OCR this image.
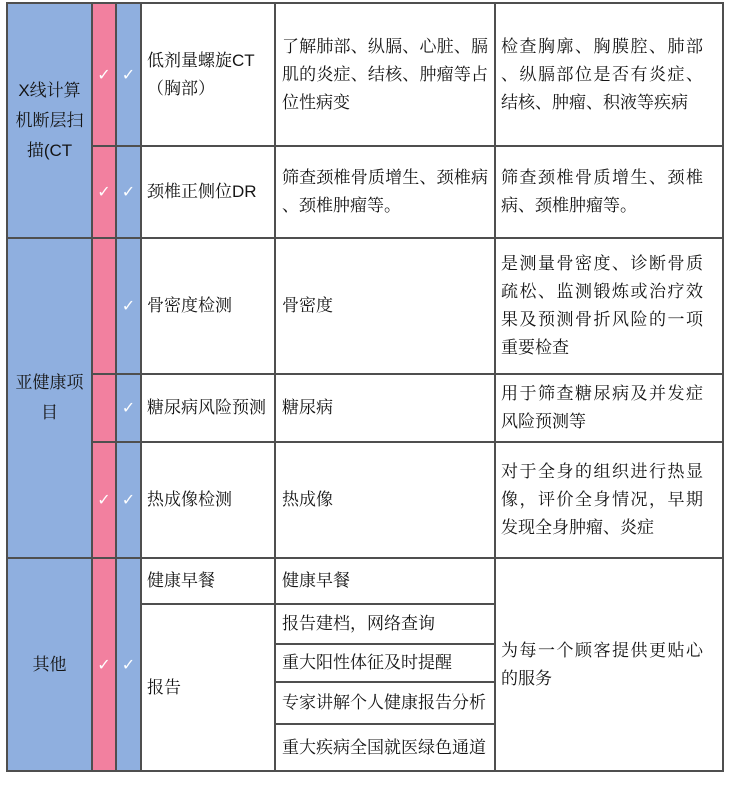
X线计算机断层扫描(CT	✓	✓	低剂量螺旋CT（胸部）	了解肺部、纵膈、心脏、膈肌的炎症、结核、肿瘤等占位性病变	检查胸廓、胸膜腔、肺部、纵膈部位是否有炎症、结核、肿瘤、积液等疾病
	✓	✓	颈椎正侧位DR	筛查颈椎骨质增生、颈椎病、颈椎肿瘤等。	筛查颈椎骨质增生、颈椎病、颈椎肿瘤等。
亚健康项目		✓	骨密度检测	骨密度	是测量骨密度、诊断骨质疏松、监测锻炼或治疗效果及预测骨折风险的一项重要检查
		✓	糖尿病风险预测	糖尿病	用于筛查糖尿病及并发症风险预测等
	✓	✓	热成像检测	热成像	对于全身的组织进行热显像，评价全身情况，早期发现全身肿瘤、炎症
其他	✓	✓	健康早餐	健康早餐	为每一个顾客提供更贴心的服务
			报告	报告建档，网络查询	
				重大阳性体征及时提醒	
				专家讲解个人健康报告分析	
				重大疾病全国就医绿色通道	
